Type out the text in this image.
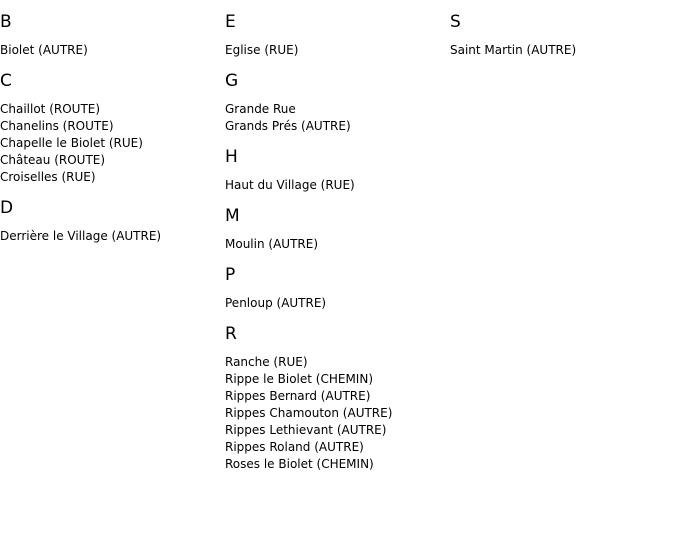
B
Biolet (AUTRE)
C
Chaillot (ROUTE)
Chanelins (ROUTE)
Chapelle le Biolet (RUE)
Château (ROUTE)
Croiselles (RUE)
D
Derrière le Village (AUTRE)
E
Eglise (RUE)
G
Grande Rue
Grands Prés (AUTRE)
H
Haut du Village (RUE)
M
Moulin (AUTRE)
P
Penloup (AUTRE)
R
Ranche (RUE)
Rippe le Biolet (CHEMIN)
Rippes Bernard (AUTRE)
Rippes Chamouton (AUTRE)
Rippes Lethievant (AUTRE)
Rippes Roland (AUTRE)
Roses le Biolet (CHEMIN)
S
Saint Martin (AUTRE)
